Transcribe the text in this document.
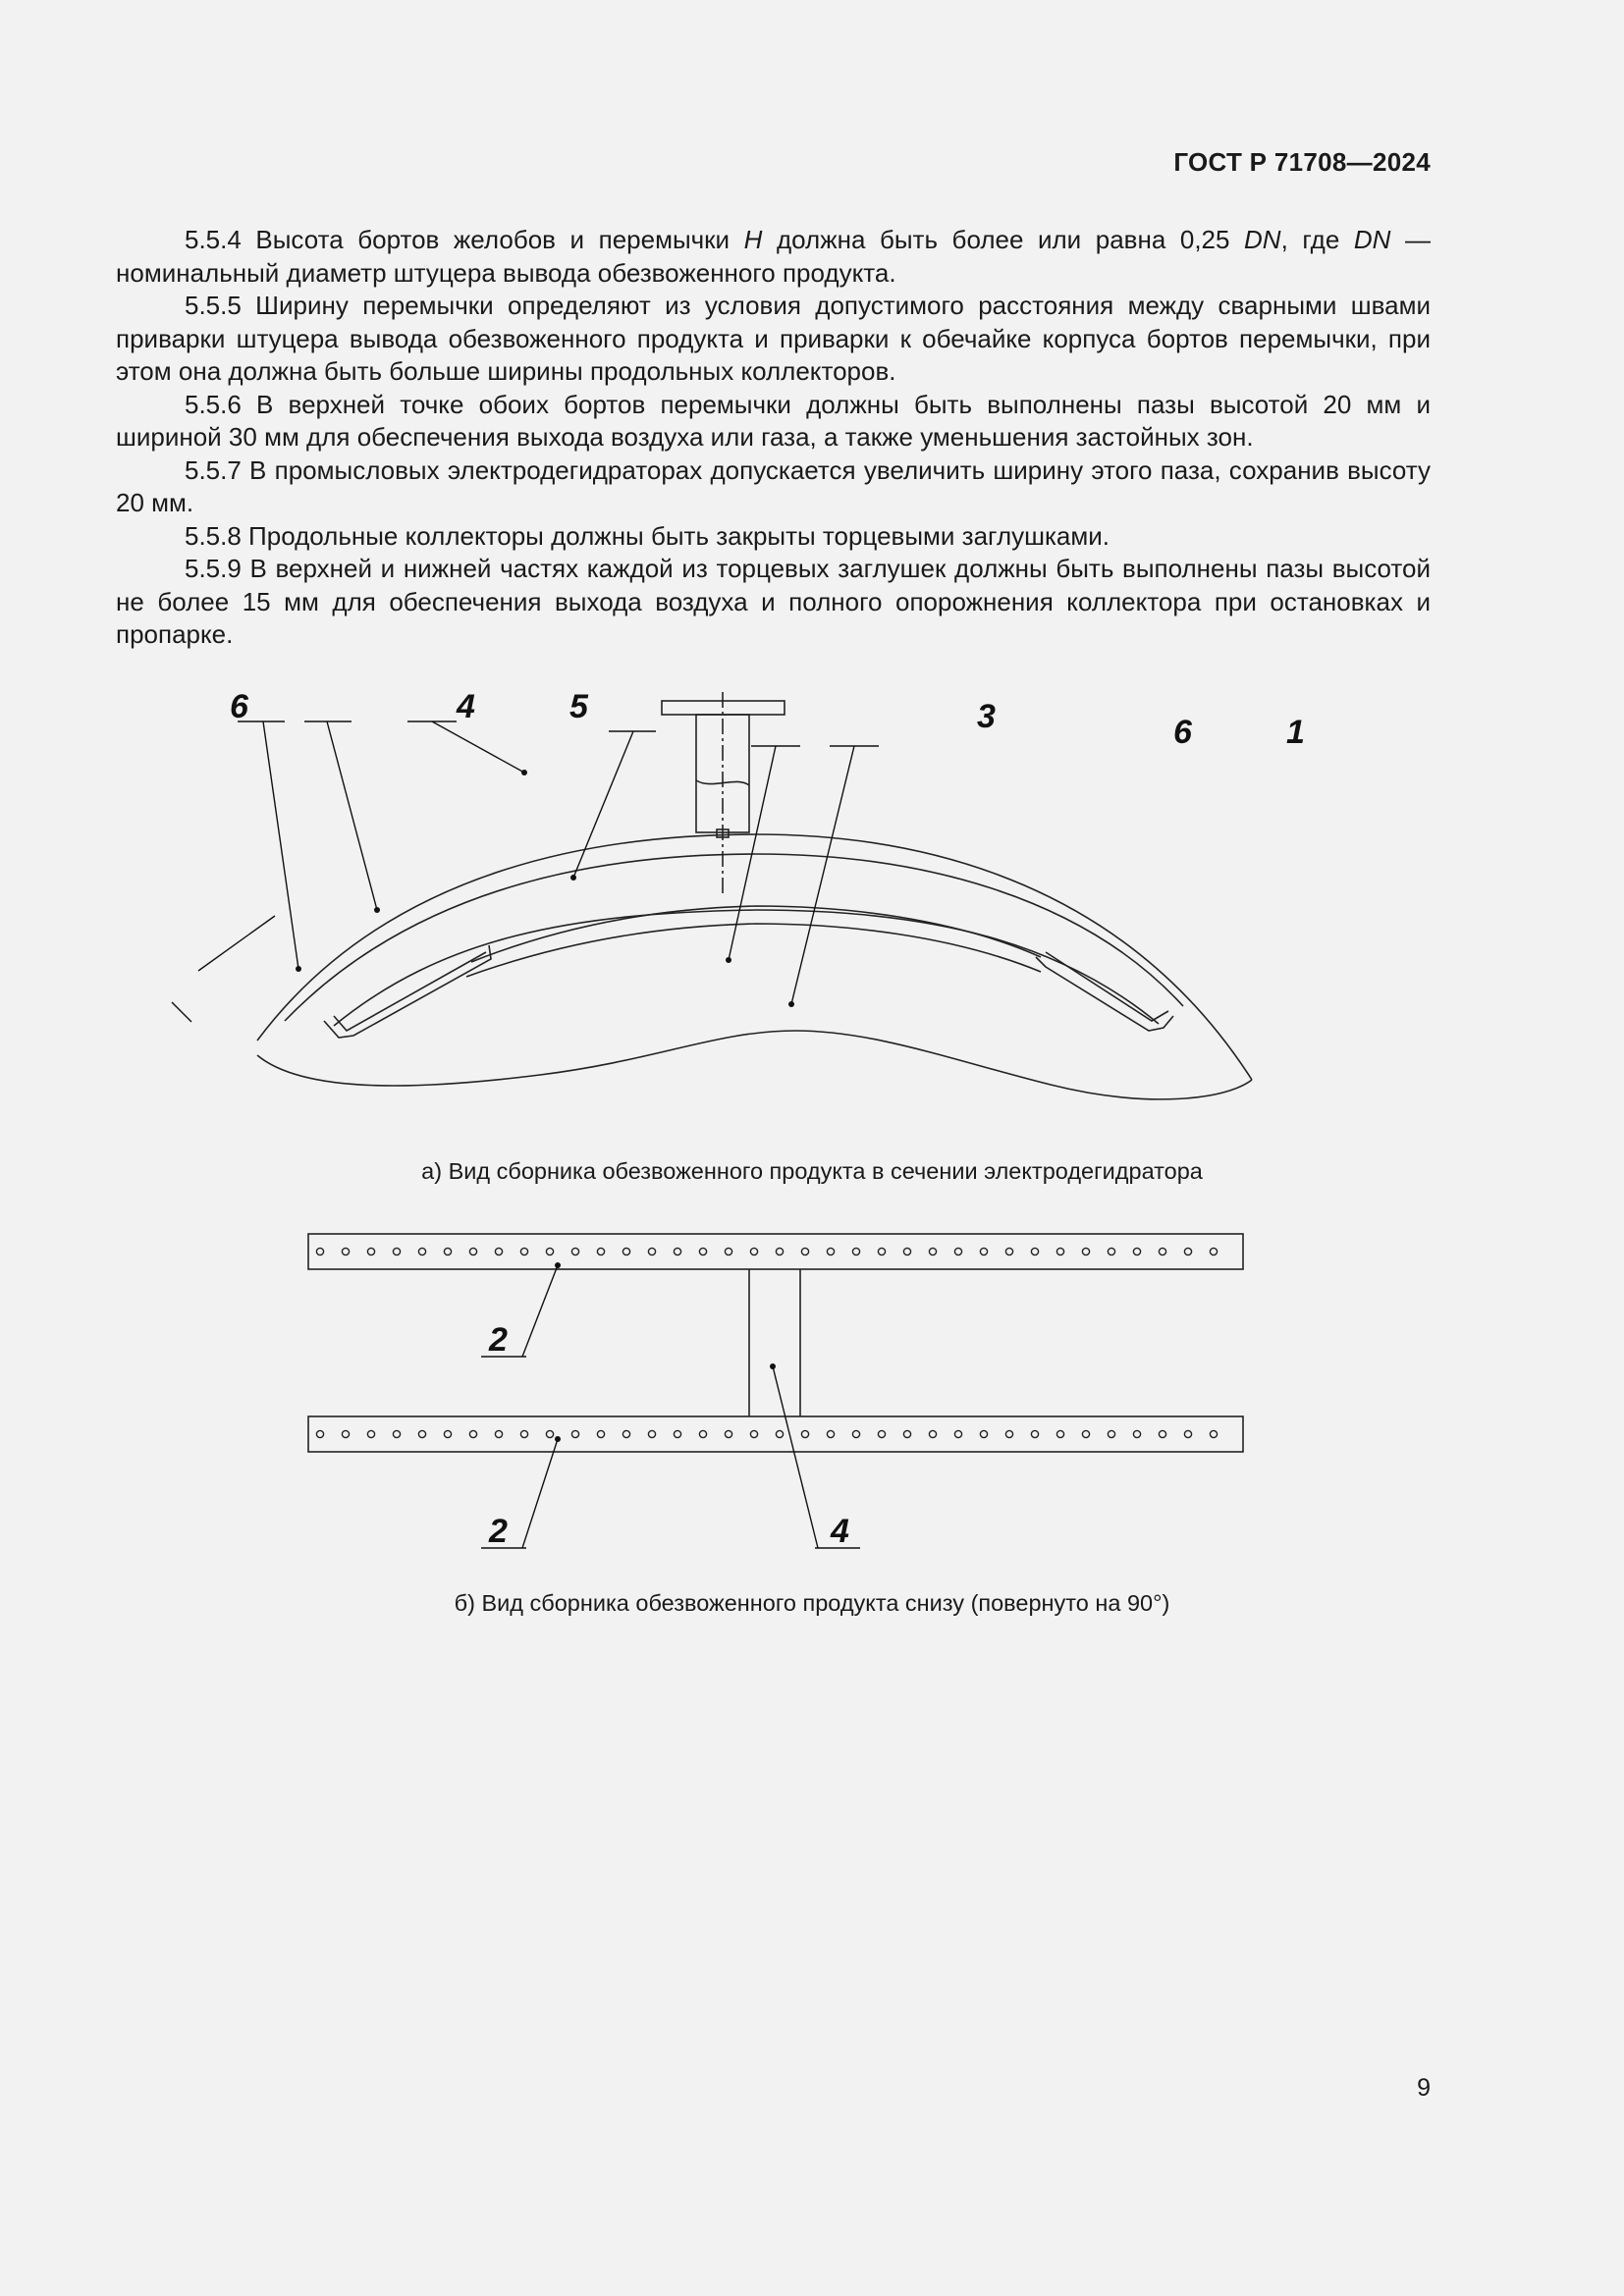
ГОСТ Р 71708—2024

5.5.4 Высота бортов желобов и перемычки H должна быть более или равна 0,25 DN, где DN — номинальный диаметр штуцера вывода обезвоженного продукта.

5.5.5 Ширину перемычки определяют из условия допустимого расстояния между сварными швами приварки штуцера вывода обезвоженного продукта и приварки к обечайке корпуса бортов перемычки, при этом она должна быть больше ширины продольных коллекторов.

5.5.6 В верхней точке обоих бортов перемычки должны быть выполнены пазы высотой 20 мм и шириной 30 мм для обеспечения выхода воздуха или газа, а также уменьшения застойных зон.

5.5.7 В промысловых электродегидраторах допускается увеличить ширину этого паза, сохранив высоту 20 мм.

5.5.8 Продольные коллекторы должны быть закрыты торцевыми заглушками.

5.5.9 В верхней и нижней частях каждой из торцевых заглушек должны быть выполнены пазы высотой не более 15 мм для обеспечения выхода воздуха и полного опорожнения коллектора при остановках и пропарке.

6	4	5	3	6	1
а) Вид сборника обезвоженного продукта в сечении электродегидратора
2
2	4
б) Вид сборника обезвоженного продукта снизу (повернуто на 90°)
9
